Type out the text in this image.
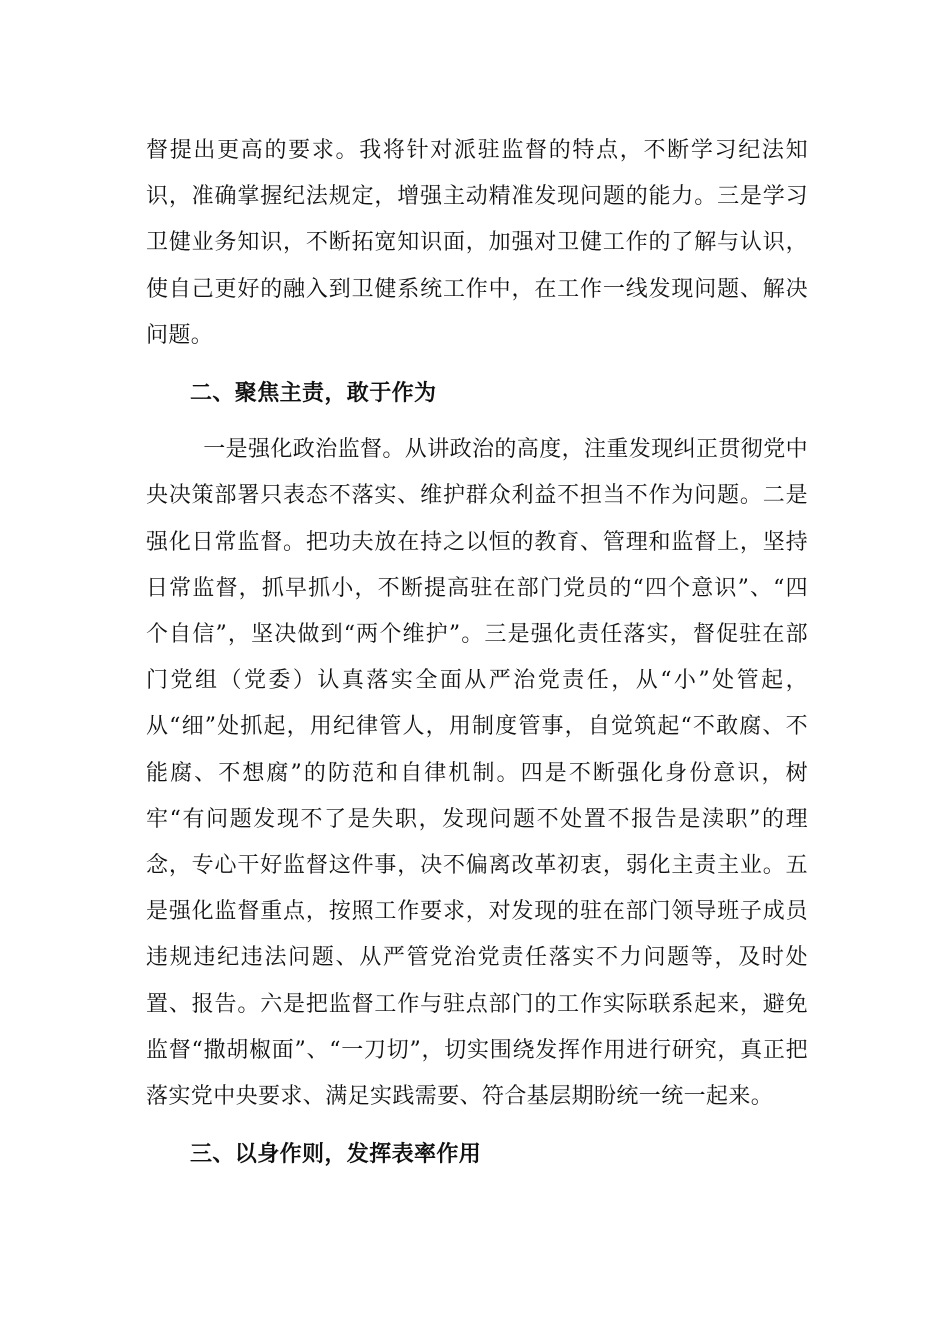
督提出更高的要求。我将针对派驻监督的特点，不断学习纪法知识，准确掌握纪法规定，增强主动精准发现问题的能力。三是学习卫健业务知识，不断拓宽知识面，加强对卫健工作的了解与认识，使自己更好的融入到卫健系统工作中，在工作一线发现问题、解决问题。

二、聚焦主责，敢于作为

一是强化政治监督。从讲政治的高度，注重发现纠正贯彻党中央决策部署只表态不落实、维护群众利益不担当不作为问题。二是强化日常监督。把功夫放在持之以恒的教育、管理和监督上，坚持日常监督，抓早抓小，不断提高驻在部门党员的“四个意识”、“四个自信”，坚决做到“两个维护”。三是强化责任落实，督促驻在部门党组（党委）认真落实全面从严治党责任，从“小”处管起，从“细”处抓起，用纪律管人，用制度管事，自觉筑起“不敢腐、不能腐、不想腐”的防范和自律机制。四是不断强化身份意识，树牢“有问题发现不了是失职，发现问题不处置不报告是渎职”的理念，专心干好监督这件事，决不偏离改革初衷，弱化主责主业。五是强化监督重点，按照工作要求，对发现的驻在部门领导班子成员违规违纪违法问题、从严管党治党责任落实不力问题等，及时处置、报告。六是把监督工作与驻点部门的工作实际联系起来，避免监督“撒胡椒面”、“一刀切”，切实围绕发挥作用进行研究，真正把落实党中央要求、满足实践需要、符合基层期盼统一统一起来。

三、以身作则，发挥表率作用
